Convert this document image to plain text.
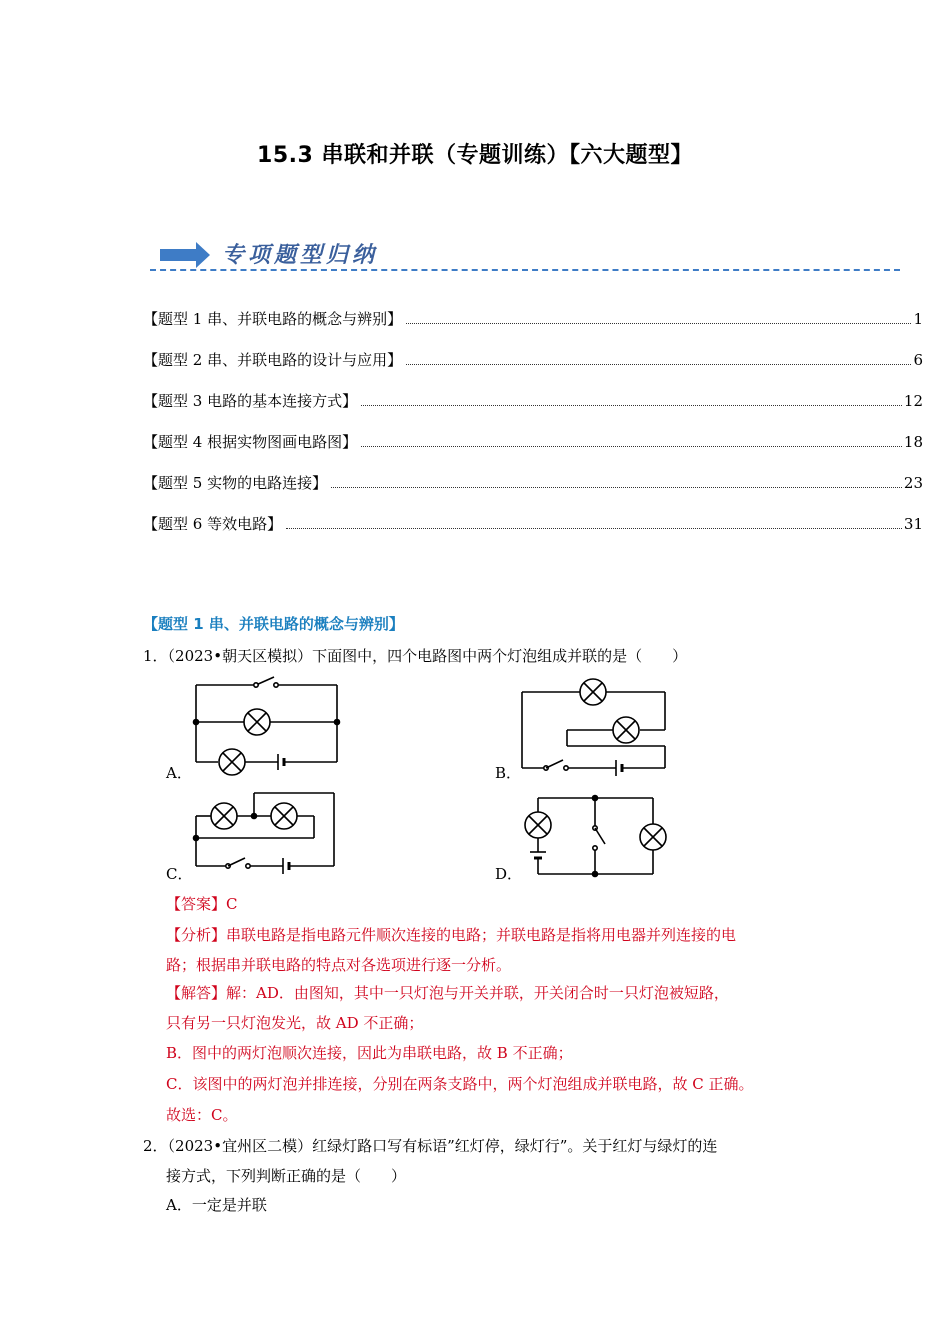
15.3 串联和并联（专题训练）【六大题型】
专项题型归纳
【题型 1 串、并联电路的概念与辨别】	1
【题型 2 串、并联电路的设计与应用】	6
【题型 3 电路的基本连接方式】	12
【题型 4 根据实物图画电路图】	18
【题型 5 实物的电路连接】	23
【题型 6 等效电路】	31
【题型 1 串、并联电路的概念与辨别】
1．（2023•朝天区模拟）下面图中，四个电路图中两个灯泡组成并联的是（　　）
A．	B．
C．	D．
【答案】C
【分析】串联电路是指电路元件顺次连接的电路；并联电路是指将用电器并列连接的电
路；根据串并联电路的特点对各选项进行逐一分析。
【解答】解：AD．由图知，其中一只灯泡与开关并联，开关闭合时一只灯泡被短路，
只有另一只灯泡发光，故 AD 不正确；
B．图中的两灯泡顺次连接，因此为串联电路，故 B 不正确；
C．该图中的两灯泡并排连接，分别在两条支路中，两个灯泡组成并联电路，故 C 正确。
故选：C。
2．（2023•宜州区二模）红绿灯路口写有标语”红灯停，绿灯行”。关于红灯与绿灯的连
接方式，下列判断正确的是（　　）
A．一定是并联
